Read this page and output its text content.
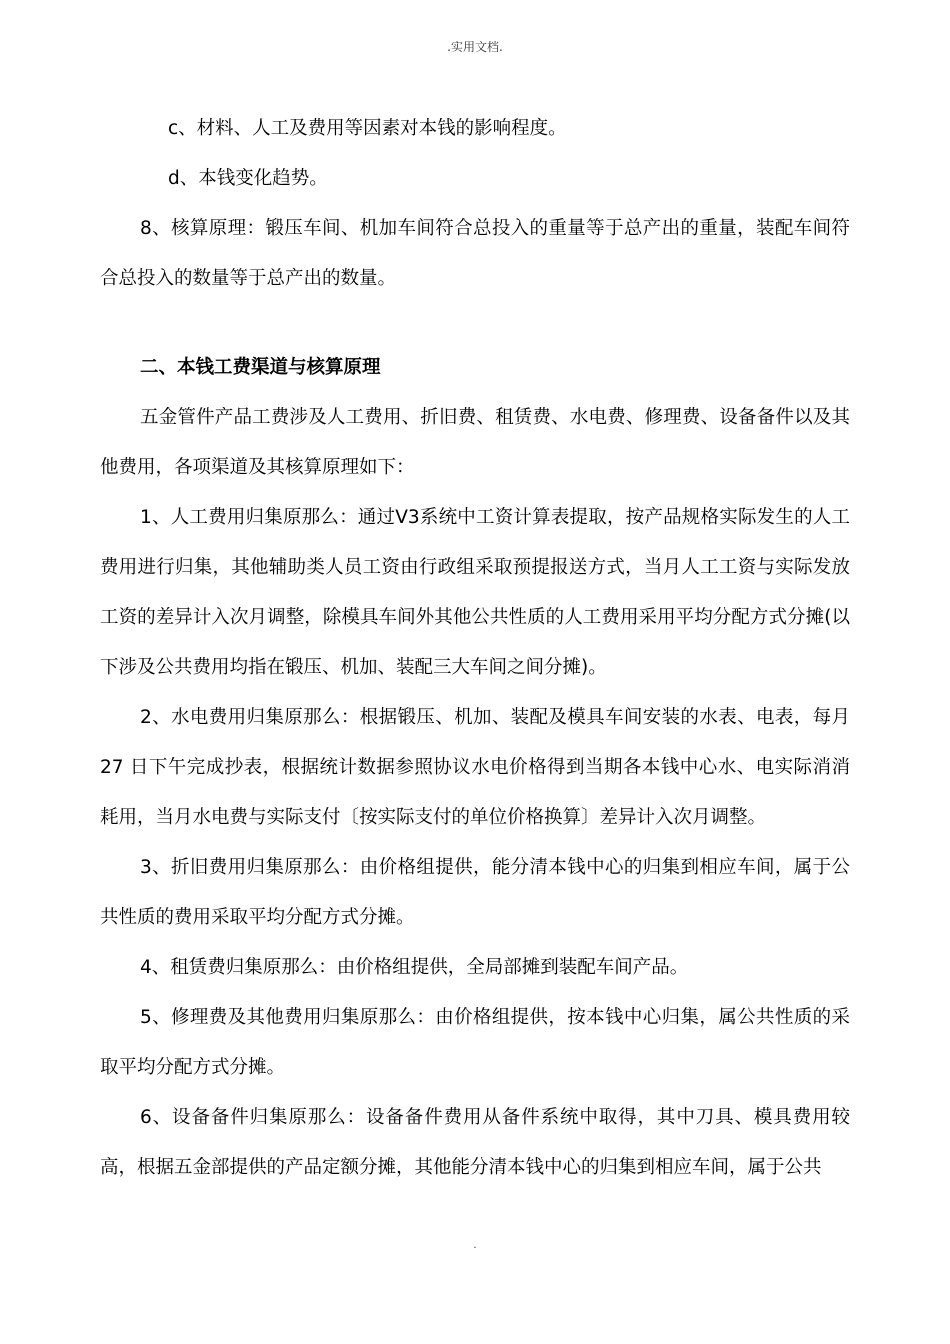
.实用文档.

c、材料、人工及费用等因素对本钱的影响程度。

d、本钱变化趋势。

8、核算原理：锻压车间、机加车间符合总投入的重量等于总产出的重量，装配车间符合总投入的数量等于总产出的数量。

二、本钱工费渠道与核算原理

五金管件产品工费涉及人工费用、折旧费、租赁费、水电费、修理费、设备备件以及其他费用，各项渠道及其核算原理如下：

1、人工费用归集原那么：通过V3系统中工资计算表提取，按产品规格实际发生的人工费用进行归集，其他辅助类人员工资由行政组采取预提报送方式，当月人工工资与实际发放工资的差异计入次月调整，除模具车间外其他公共性质的人工费用采用平均分配方式分摊(以下涉及公共费用均指在锻压、机加、装配三大车间之间分摊)。

2、水电费用归集原那么：根据锻压、机加、装配及模具车间安装的水表、电表，每月 27 日下午完成抄表，根据统计数据参照协议水电价格得到当期各本钱中心水、电实际消消耗用，当月水电费与实际支付〔按实际支付的单位价格换算〕差异计入次月调整。

3、折旧费用归集原那么：由价格组提供，能分清本钱中心的归集到相应车间，属于公共性质的费用采取平均分配方式分摊。

4、租赁费归集原那么：由价格组提供，全局部摊到装配车间产品。

5、修理费及其他费用归集原那么：由价格组提供，按本钱中心归集，属公共性质的采取平均分配方式分摊。

6、设备备件归集原那么：设备备件费用从备件系统中取得，其中刀具、模具费用较高，根据五金部提供的产品定额分摊，其他能分清本钱中心的归集到相应车间，属于公共

.
